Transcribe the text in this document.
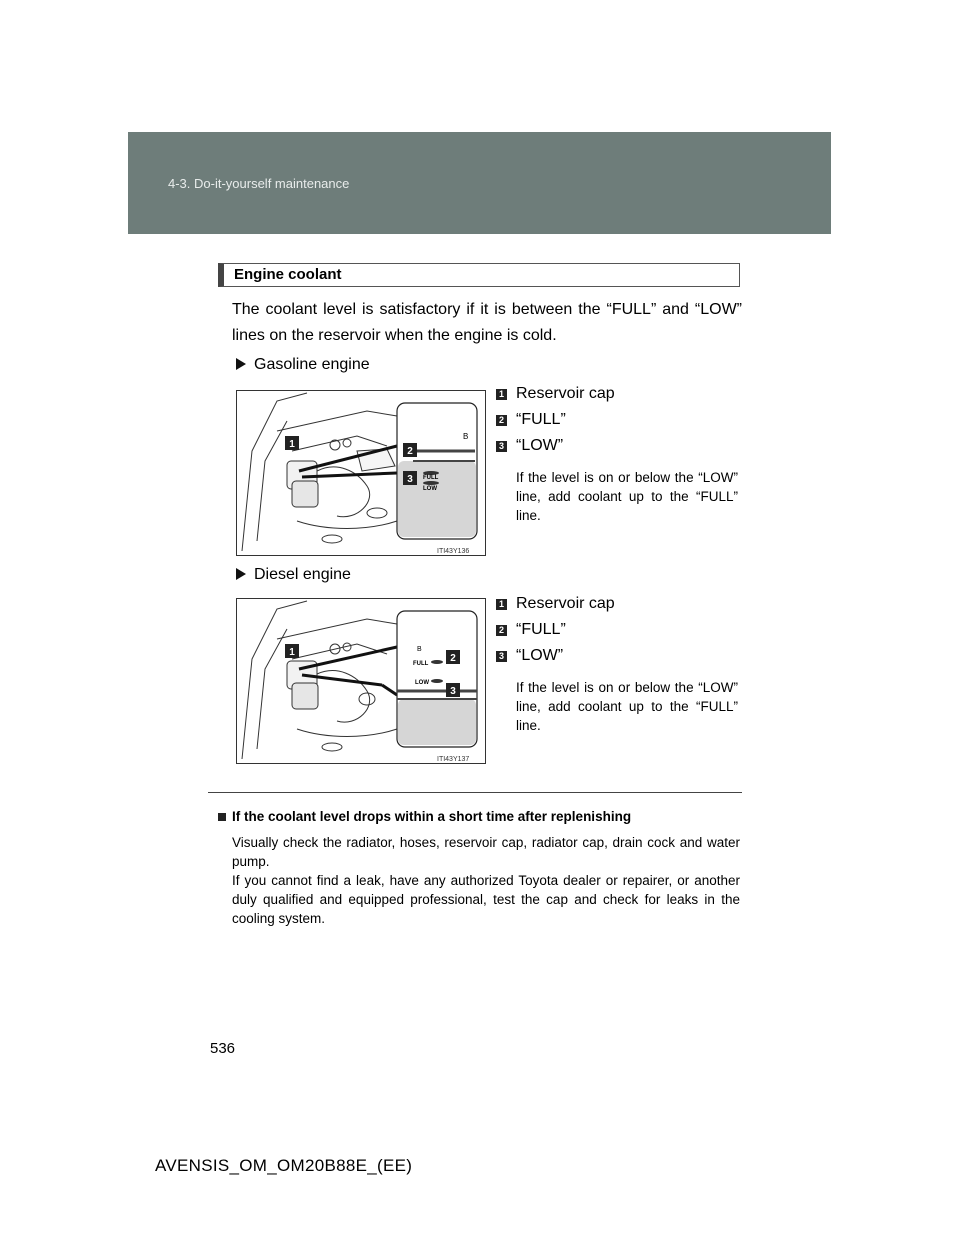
4-3. Do-it-yourself maintenance
Engine coolant
The coolant level is satisfactory if it is between the “FULL” and “LOW” lines on the reservoir when the engine is cold.
Gasoline engine
B
FULL
LOW
1
2
3
ITI43Y136
1 Reservoir cap
2 “FULL”
3 “LOW”
If the level is on or below the “LOW” line, add coolant up to the “FULL” line.
Diesel engine
B
FULL
LOW
1
2
3
ITI43Y137
1 Reservoir cap
2 “FULL”
3 “LOW”
If the level is on or below the “LOW” line, add coolant up to the “FULL” line.
If the coolant level drops within a short time after replenishing

Visually check the radiator, hoses, reservoir cap, radiator cap, drain cock and water pump.

If you cannot find a leak, have any authorized Toyota dealer or repairer, or another duly qualified and equipped professional, test the cap and check for leaks in the cooling system.

536
AVENSIS_OM_OM20B88E_(EE)
